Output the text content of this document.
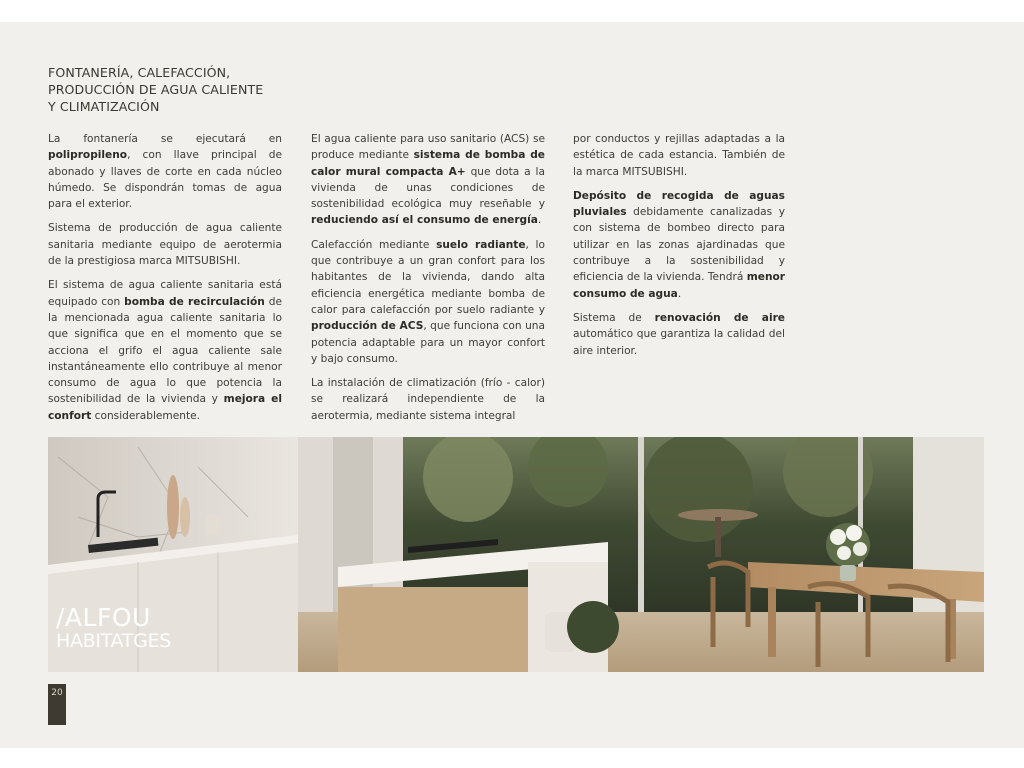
FONTANERÍA, CALEFACCIÓN,
PRODUCCIÓN DE AGUA CALIENTE
Y CLIMATIZACIÓN

La fontanería se ejecutará en polipropileno, con llave principal de abonado y llaves de corte en cada núcleo húmedo. Se dispondrán tomas de agua para el exterior.

Sistema de producción de agua caliente sanitaria mediante equipo de aerotermia de la prestigiosa marca MITSUBISHI.

El sistema de agua caliente sanitaria está equipado con bomba de recirculación de la mencionada agua caliente sanitaria lo que significa que en el momento que se acciona el grifo el agua caliente sale instantáneamente ello contribuye al menor consumo de agua lo que potencia la sostenibilidad de la vivienda y mejora el confort considerablemente.

El agua caliente para uso sanitario (ACS) se produce mediante sistema de bomba de calor mural compacta A+ que dota a la vivienda de unas condiciones de sostenibilidad ecológica muy reseñable y reduciendo así el consumo de energía.

Calefacción mediante suelo radiante, lo que contribuye a un gran confort para los habitantes de la vivienda, dando alta eficiencia energética mediante bomba de calor para calefacción por suelo radiante y producción de ACS, que funciona con una potencia adaptable para un mayor confort y bajo consumo.

La instalación de climatización (frío - calor) se realizará independiente de la aerotermia, mediante sistema integral

por conductos y rejillas adaptadas a la estética de cada estancia. También de la marca MITSUBISHI.

Depósito de recogida de aguas pluviales debidamente canalizadas y con sistema de bombeo directo para utilizar en las zonas ajardinadas que contribuye a la sostenibilidad y eficiencia de la vivienda. Tendrá menor consumo de agua.

Sistema de renovación de aire automático que garantiza la calidad del aire interior.

/ALFOU
HABITATGES
20
